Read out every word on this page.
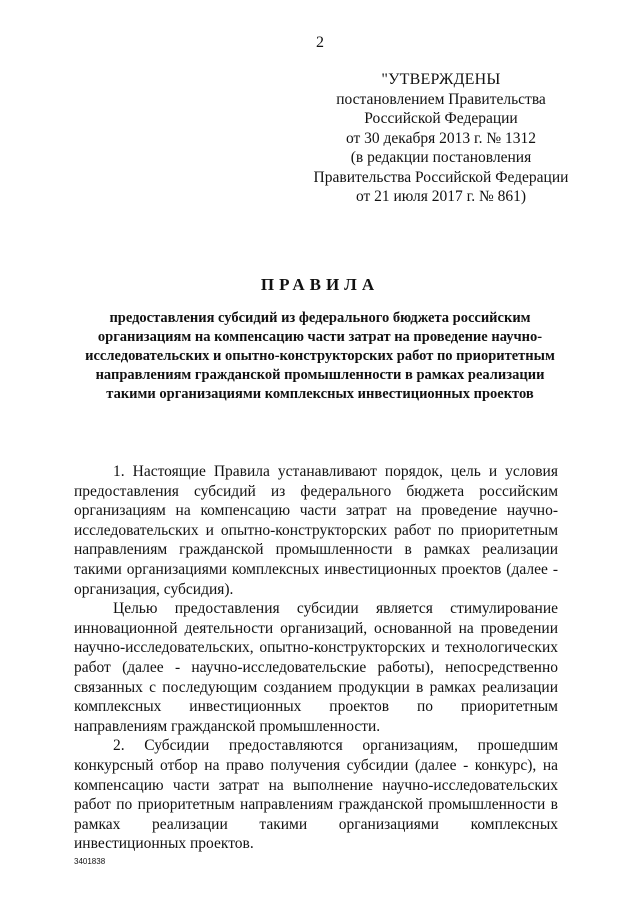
2
"УТВЕРЖДЕНЫ
постановлением Правительства
Российской Федерации
от 30 декабря 2013 г. № 1312
(в редакции постановления
Правительства Российской Федерации
от 21 июля 2017 г. № 861)
ПРАВИЛА
предоставления субсидий из федерального бюджета российским организациям на компенсацию части затрат на проведение научно-исследовательских и опытно-конструкторских работ по приоритетным направлениям гражданской промышленности в рамках реализации такими организациями комплексных инвестиционных проектов

1. Настоящие Правила устанавливают порядок, цель и условия предоставления субсидий из федерального бюджета российским организациям на компенсацию части затрат на проведение научно-исследовательских и опытно-конструкторских работ по приоритетным направлениям гражданской промышленности в рамках реализации такими организациями комплексных инвестиционных проектов (далее - организация, субсидия).

Целью предоставления субсидии является стимулирование инновационной деятельности организаций, основанной на проведении научно-исследовательских, опытно-конструкторских и технологических работ (далее - научно-исследовательские работы), непосредственно связанных с последующим созданием продукции в рамках реализации комплексных инвестиционных проектов по приоритетным направлениям гражданской промышленности.

2. Субсидии предоставляются организациям, прошедшим конкурсный отбор на право получения субсидии (далее - конкурс), на компенсацию части затрат на выполнение научно-исследовательских работ по приоритетным направлениям гражданской промышленности в рамках реализации такими организациями комплексных инвестиционных проектов.

3401838
